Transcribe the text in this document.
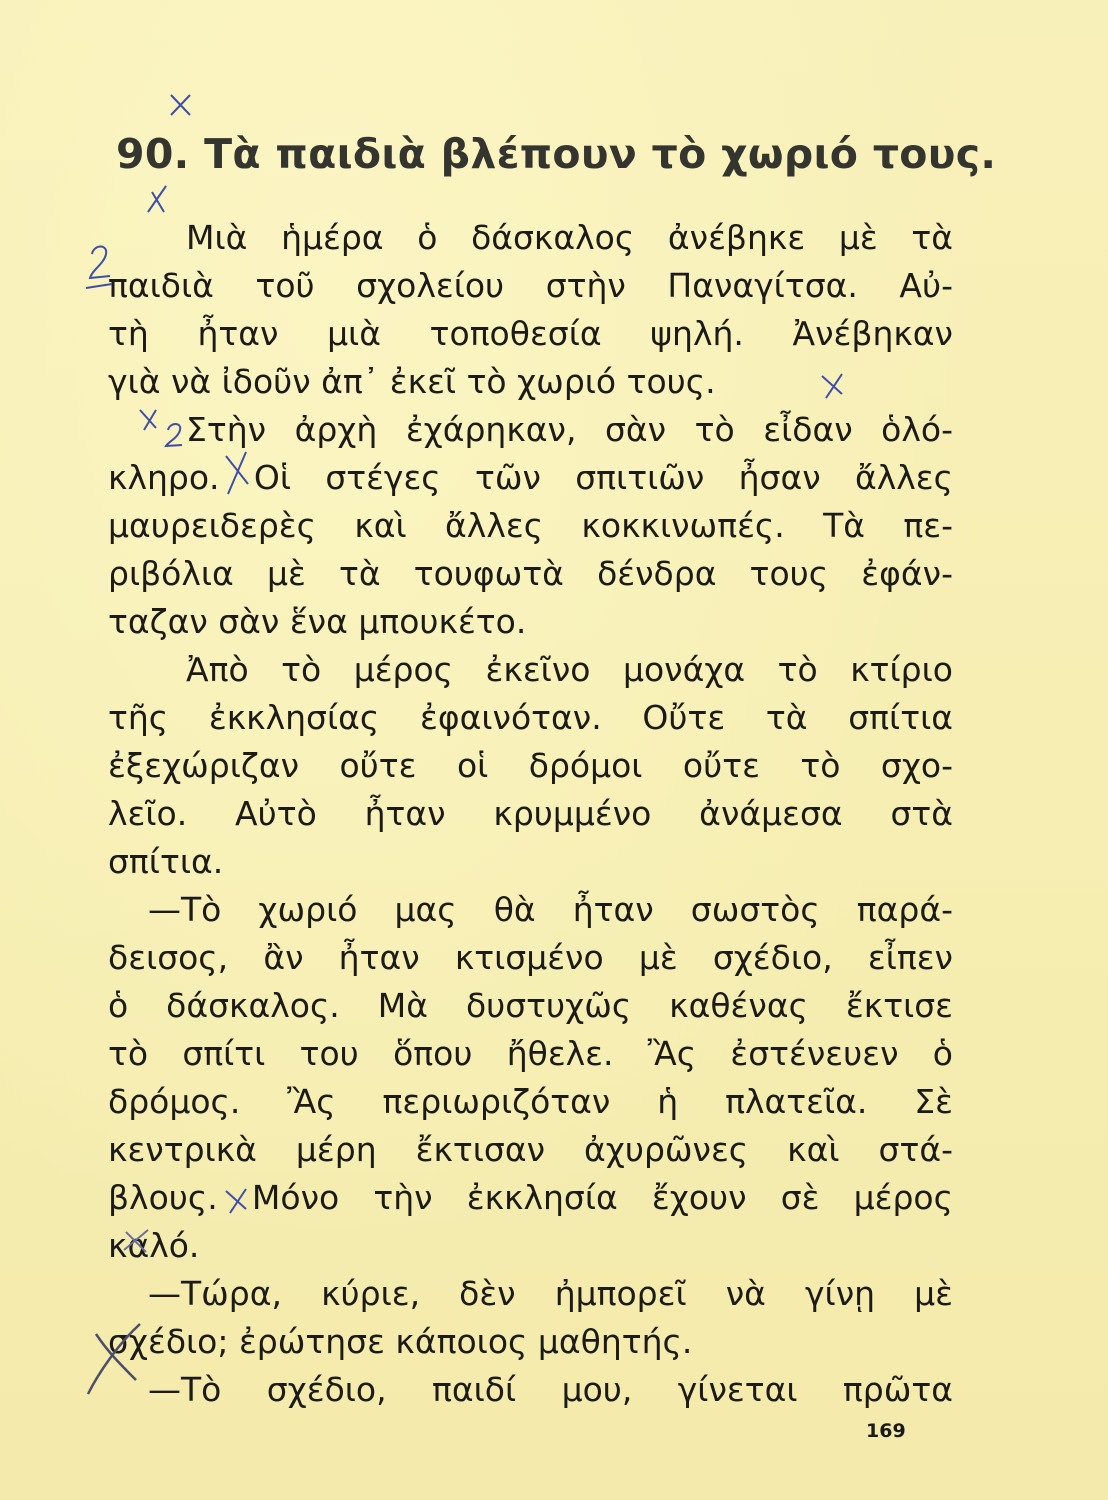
90. Τὰ παιδιὰ βλέπουν τὸ χωριό τους.
Μιὰ ἡμέρα ὁ δάσκαλος ἀνέβηκε μὲ τὰ
παιδιὰ τοῦ σχολείου στὴν Παναγίτσα. Αὐ-
τὴ ἦταν μιὰ τοποθεσία ψηλή. Ἀνέβηκαν
γιὰ νὰ ἰδοῦν ἀπ᾿ ἐκεῖ τὸ χωριό τους.
Στὴν ἀρχὴ ἐχάρηκαν, σὰν τὸ εἶδαν ὁλό-
κληρο. Οἱ στέγες τῶν σπιτιῶν ἦσαν ἄλλες
μαυρειδερὲς καὶ ἄλλες κοκκινωπές. Τὰ πε-
ριβόλια μὲ τὰ τουφωτὰ δένδρα τους ἐφάν-
ταζαν σὰν ἕνα μπουκέτο.
Ἀπὸ τὸ μέρος ἐκεῖνο μονάχα τὸ κτίριο
τῆς ἐκκλησίας ἐφαινόταν. Οὔτε τὰ σπίτια
ἐξεχώριζαν οὔτε οἱ δρόμοι οὔτε τὸ σχο-
λεῖο. Αὐτὸ ἦταν κρυμμένο ἀνάμεσα στὰ
σπίτια.
—Τὸ χωριό μας θὰ ἦταν σωστὸς παρά-
δεισος, ἂν ἦταν κτισμένο μὲ σχέδιο, εἶπεν
ὁ δάσκαλος. Μὰ δυστυχῶς καθένας ἔκτισε
τὸ σπίτι του ὅπου ἤθελε. Ἂς ἐστένευεν ὁ
δρόμος. Ἂς περιωριζόταν ἡ πλατεῖα. Σὲ
κεντρικὰ μέρη ἔκτισαν ἀχυρῶνες καὶ στά-
βλους. Μόνο τὴν ἐκκλησία ἔχουν σὲ μέρος
καλό.
—Τώρα, κύριε, δὲν ἠμπορεῖ νὰ γίνῃ μὲ
σχέδιο; ἐρώτησε κάποιος μαθητής.
—Τὸ σχέδιο, παιδί μου, γίνεται πρῶτα
169
